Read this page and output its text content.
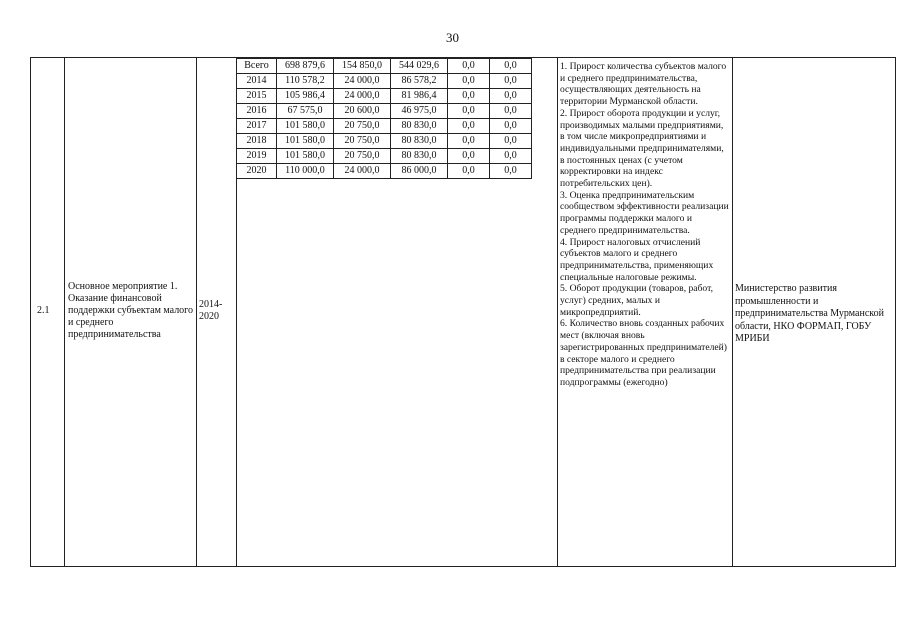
30
2.1
Основное мероприятие 1. Оказание финансовой поддержки субъектам малого и среднего предпринимательства
2014-2020
Всего	698 879,6	154 850,0	544 029,6	0,0	0,0
2014	110 578,2	24 000,0	86 578,2	0,0	0,0
2015	105 986,4	24 000,0	81 986,4	0,0	0,0
2016	67 575,0	20 600,0	46 975,0	0,0	0,0
2017	101 580,0	20 750,0	80 830,0	0,0	0,0
2018	101 580,0	20 750,0	80 830,0	0,0	0,0
2019	101 580,0	20 750,0	80 830,0	0,0	0,0
2020	110 000,0	24 000,0	86 000,0	0,0	0,0
1. Прирост количества субъектов малого и среднего предпринимательства, осуществляющих деятельность на территории Мурманской области.
2. Прирост оборота продукции и услуг, производимых малыми предприятиями, в том числе микропредприятиями и индивидуальными предпринимателями, в постоянных ценах (с учетом корректировки на индекс потребительских цен).
3. Оценка предпринимательским сообществом эффективности реализации программы поддержки малого и среднего предпринимательства.
4. Прирост налоговых отчислений субъектов малого и среднего предпринимательства, применяющих специальные налоговые режимы.
5. Оборот продукции (товаров, работ, услуг) средних, малых и микропредприятий.
6. Количество вновь созданных рабочих мест (включая вновь зарегистрированных предпринимателей) в секторе малого и среднего предпринимательства при реализации подпрограммы (ежегодно)
Министерство развития промышленности и предпринимательства Мурманской области, НКО ФОРМАП, ГОБУ МРИБИ
